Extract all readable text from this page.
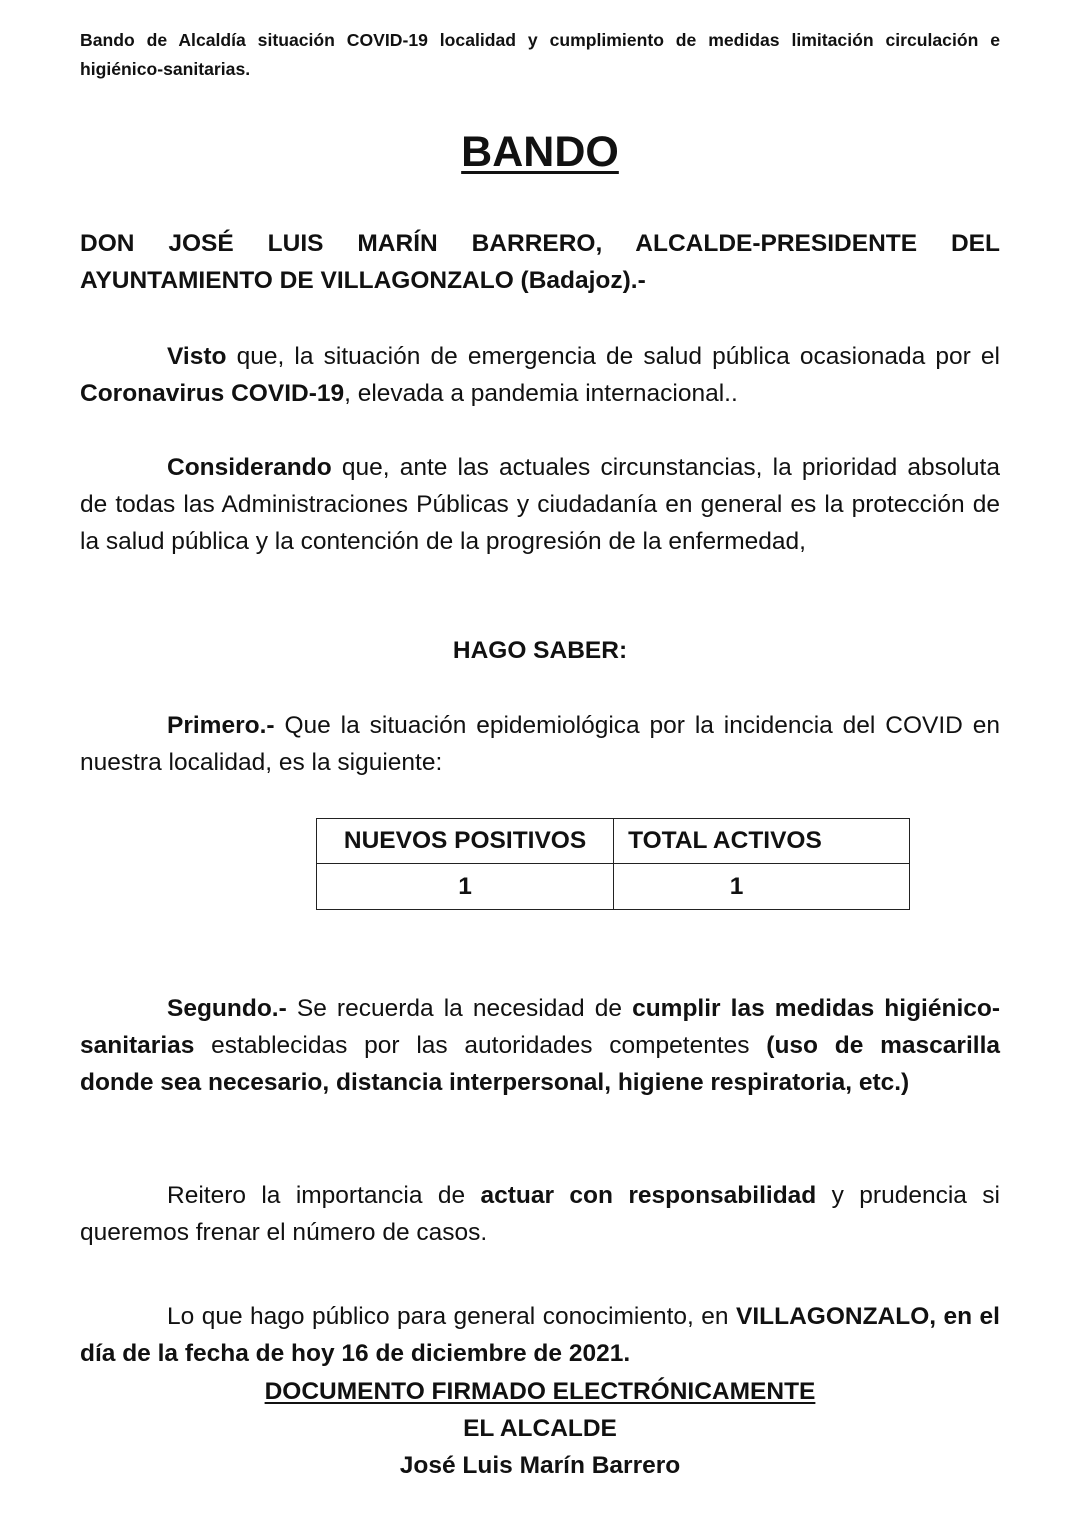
Bando de Alcaldía situación COVID-19 localidad y cumplimiento de medidas limitación circulación e higiénico-sanitarias.
BANDO
DON JOSÉ LUIS MARÍN BARRERO, ALCALDE-PRESIDENTE DEL AYUNTAMIENTO DE VILLAGONZALO (Badajoz).-
Visto que, la situación de emergencia de salud pública ocasionada por el Coronavirus COVID-19, elevada a pandemia internacional..
Considerando que, ante las actuales circunstancias, la prioridad absoluta de todas las Administraciones Públicas y ciudadanía en general es la protección de la salud pública y la contención de la progresión de la enfermedad,
HAGO SABER:
Primero.- Que la situación epidemiológica por la incidencia del COVID en nuestra localidad, es la siguiente:
NUEVOS POSITIVOS	TOTAL ACTIVOS
1	1
Segundo.- Se recuerda la necesidad de cumplir las medidas higiénico-sanitarias establecidas por las autoridades competentes (uso de mascarilla donde sea necesario, distancia interpersonal, higiene respiratoria, etc.)
Reitero la importancia de actuar con responsabilidad y prudencia si queremos frenar el número de casos.
Lo que hago público para general conocimiento, en VILLAGONZALO, en el día de la fecha de hoy 16 de diciembre de 2021.
DOCUMENTO FIRMADO ELECTRÓNICAMENTE
EL ALCALDE
José Luis Marín Barrero
